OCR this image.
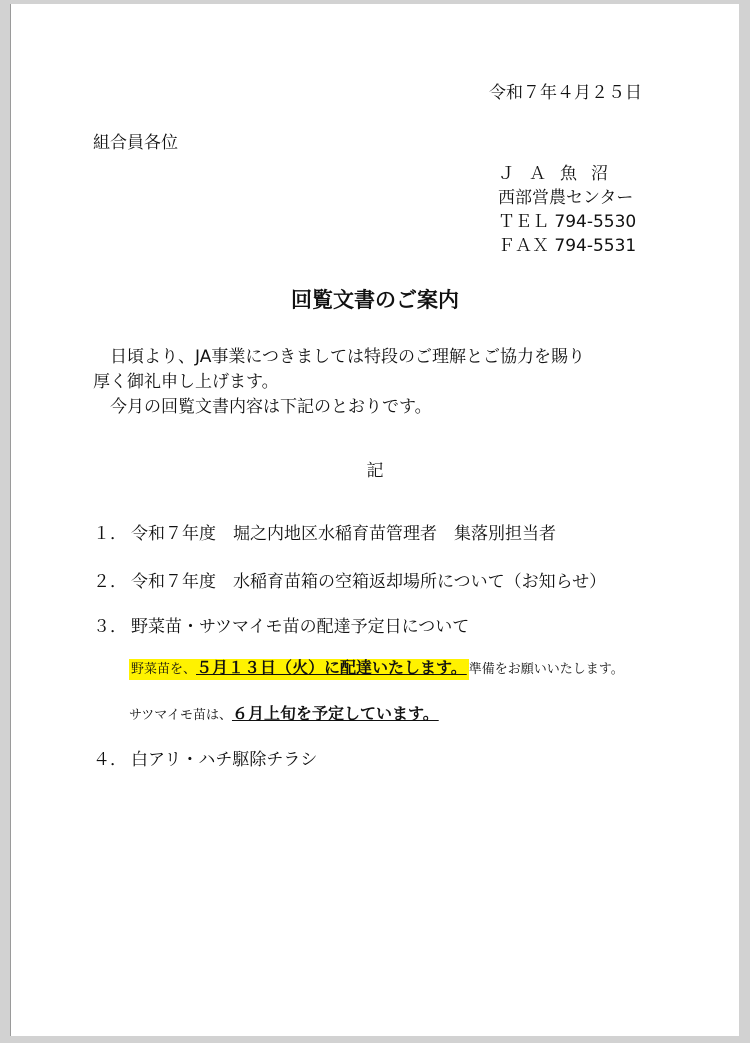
令和７年４月２５日
組合員各位
ＪＡ魚沼
西部営農センター
ＴＥＬ 794-5530
ＦＡＸ 794-5531
回覧文書のご案内
　日頃より、JA事業につきましては特段のご理解とご協力を賜り
厚く御礼申し上げます。
　今月の回覧文書内容は下記のとおりです。
記
１． 令和７年度　堀之内地区水稲育苗管理者　集落別担当者
２． 令和７年度　水稲育苗箱の空箱返却場所について（お知らせ）
３． 野菜苗・サツマイモ苗の配達予定日について
野菜苗を、５月１３日（火）に配達いたします。 準備をお願いいたします。
サツマイモ苗は、６月上旬を予定しています。
４． 白アリ・ハチ駆除チラシ
